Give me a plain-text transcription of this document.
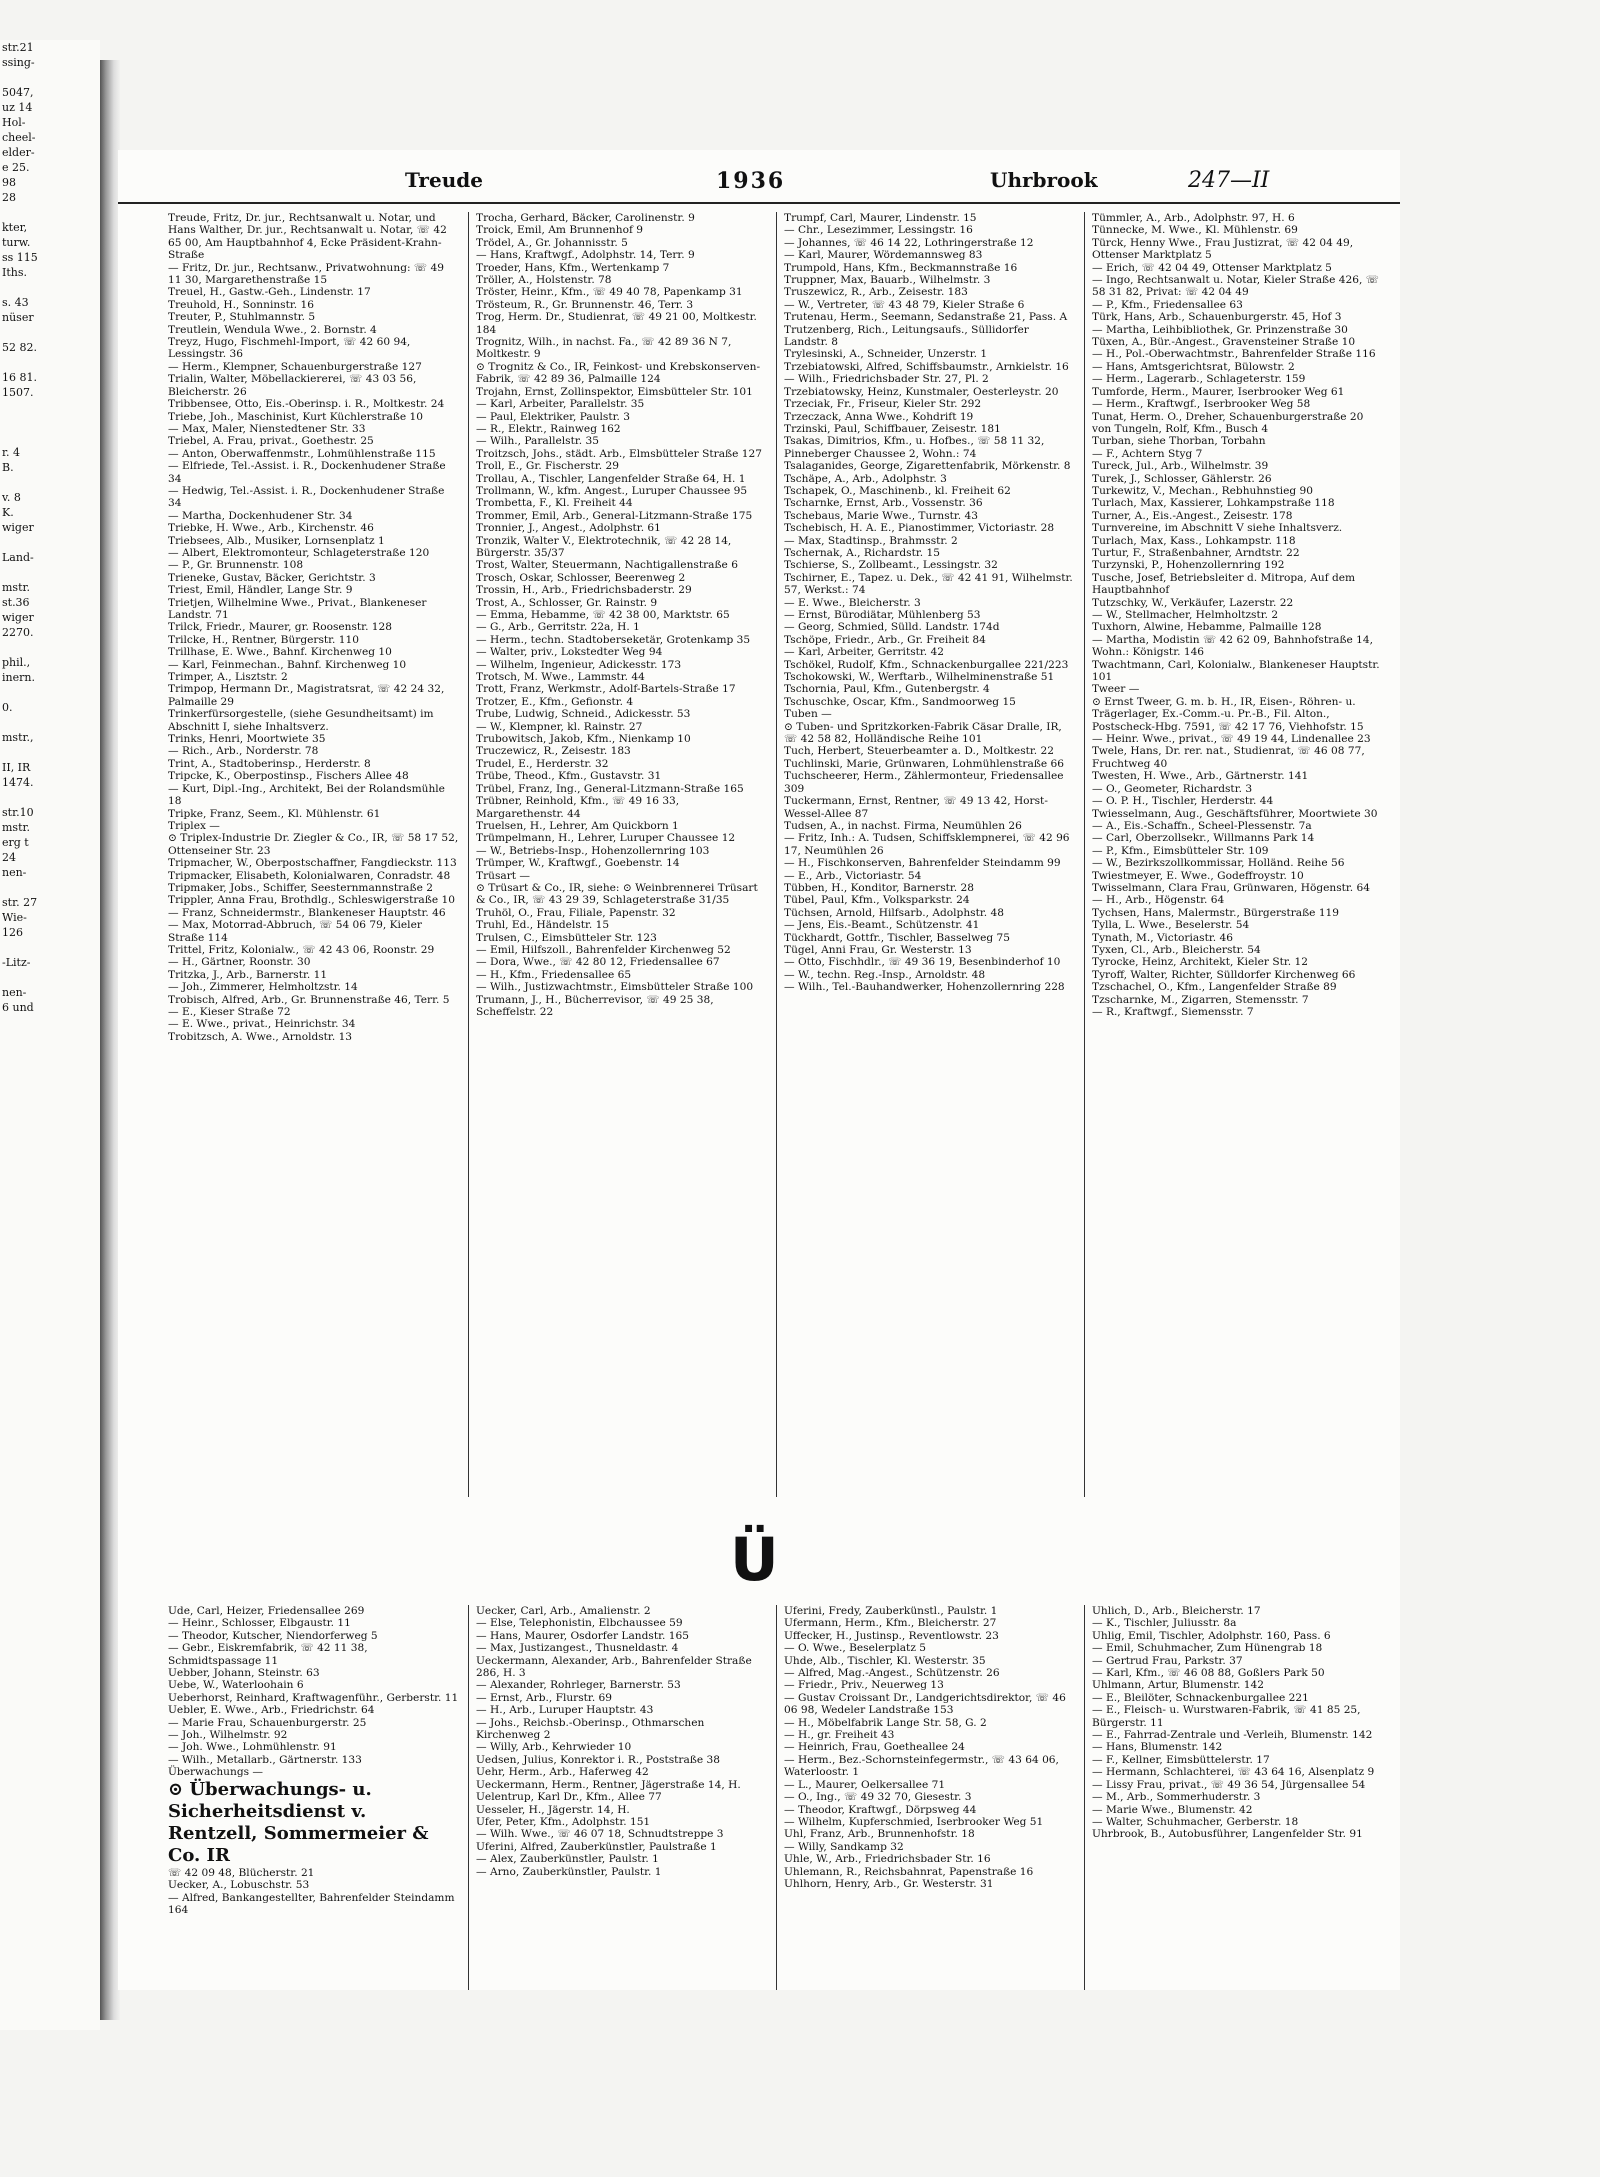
str.21
ssing-

5047,
uz 14
Hol-
cheel-
elder-
e 25.
98
28

kter,
turw.
ss 115
Iths.

s. 43
nüser

52 82.

16 81.
1507.

r. 4
B.

v. 8
K.
wiger

Land-

mstr.
st.36
wiger
2270.

phil.,
inern.

0.

mstr.,

II, IR
1474.

str.10
mstr.
erg t
24
nen-

str. 27
Wie-
126

-Litz-

nen-
6 und
Treude	1936	Uhrbrook	247—II

Treude, Fritz, Dr. jur., Rechtsanwalt u. Notar, und Hans Walther, Dr. jur., Rechtsanwalt u. Notar, ☏ 42 65 00, Am Hauptbahnhof 4, Ecke Präsident-Krahn-Straße

— Fritz, Dr. jur., Rechtsanw., Privatwohnung: ☏ 49 11 30, Margarethenstraße 15

Treuel, H., Gastw.-Geh., Lindenstr. 17

Treuhold, H., Sonninstr. 16

Treuter, P., Stuhlmannstr. 5

Treutlein, Wendula Wwe., 2. Bornstr. 4

Treyz, Hugo, Fischmehl-Import, ☏ 42 60 94, Lessingstr. 36

— Herm., Klempner, Schauenburgerstraße 127

Trialin, Walter, Möbellackiererei, ☏ 43 03 56, Bleicherstr. 26

Tribbensee, Otto, Eis.-Oberinsp. i. R., Moltkestr. 24

Triebe, Joh., Maschinist, Kurt Küchlerstraße 10

— Max, Maler, Nienstedtener Str. 33

Triebel, A. Frau, privat., Goethestr. 25

— Anton, Oberwaffenmstr., Lohmühlenstraße 115

— Elfriede, Tel.-Assist. i. R., Dockenhudener Straße 34

— Hedwig, Tel.-Assist. i. R., Dockenhudener Straße 34

— Martha, Dockenhudener Str. 34

Triebke, H. Wwe., Arb., Kirchenstr. 46

Triebsees, Alb., Musiker, Lornsenplatz 1

— Albert, Elektromonteur, Schlageterstraße 120

— P., Gr. Brunnenstr. 108

Trieneke, Gustav, Bäcker, Gerichtstr. 3

Triest, Emil, Händler, Lange Str. 9

Trietjen, Wilhelmine Wwe., Privat., Blankeneser Landstr. 71

Trilck, Friedr., Maurer, gr. Roosenstr. 128

Trilcke, H., Rentner, Bürgerstr. 110

Trillhase, E. Wwe., Bahnf. Kirchenweg 10

— Karl, Feinmechan., Bahnf. Kirchenweg 10

Trimper, A., Lisztstr. 2

Trimpop, Hermann Dr., Magistratsrat, ☏ 42 24 32, Palmaille 29

Trinkerfürsorgestelle, (siehe Gesundheitsamt) im Abschnitt I, siehe Inhaltsverz.

Trinks, Henri, Moortwiete 35

— Rich., Arb., Norderstr. 78

Trint, A., Stadtoberinsp., Herderstr. 8

Tripcke, K., Oberpostinsp., Fischers Allee 48

— Kurt, Dipl.-Ing., Architekt, Bei der Rolandsmühle 18

Tripke, Franz, Seem., Kl. Mühlenstr. 61

Triplex —

⊙ Triplex-Industrie Dr. Ziegler & Co., IR, ☏ 58 17 52, Ottenseiner Str. 23

Tripmacher, W., Oberpostschaffner, Fangdieckstr. 113

Tripmacker, Elisabeth, Kolonialwaren, Conradstr. 48

Tripmaker, Jobs., Schiffer, Seesternmannstraße 2

Trippler, Anna Frau, Brothdlg., Schleswigerstraße 10

— Franz, Schneidermstr., Blankeneser Hauptstr. 46

— Max, Motorrad-Abbruch, ☏ 54 06 79, Kieler Straße 114

Trittel, Fritz, Kolonialw., ☏ 42 43 06, Roonstr. 29

— H., Gärtner, Roonstr. 30

Tritzka, J., Arb., Barnerstr. 11

— Joh., Zimmerer, Helmholtzstr. 14

Trobisch, Alfred, Arb., Gr. Brunnenstraße 46, Terr. 5

— E., Kieser Straße 72

— E. Wwe., privat., Heinrichstr. 34

Trobitzsch, A. Wwe., Arnoldstr. 13

Trocha, Gerhard, Bäcker, Carolinenstr. 9

Troick, Emil, Am Brunnenhof 9

Trödel, A., Gr. Johannisstr. 5

— Hans, Kraftwgf., Adolphstr. 14, Terr. 9

Troeder, Hans, Kfm., Wertenkamp 7

Tröller, A., Holstenstr. 78

Tröster, Heinr., Kfm., ☏ 49 40 78, Papenkamp 31

Trösteum, R., Gr. Brunnenstr. 46, Terr. 3

Trog, Herm. Dr., Studienrat, ☏ 49 21 00, Moltkestr. 184

Trognitz, Wilh., in nachst. Fa., ☏ 42 89 36 N 7, Moltkestr. 9

⊙ Trognitz & Co., IR, Feinkost- und Krebskonserven-Fabrik, ☏ 42 89 36, Palmaille 124

Trojahn, Ernst, Zollinspektor, Eimsbütteler Str. 101

— Karl, Arbeiter, Parallelstr. 35

— Paul, Elektriker, Paulstr. 3

— R., Elektr., Rainweg 162

— Wilh., Parallelstr. 35

Troitzsch, Johs., städt. Arb., Elmsbütteler Straße 127

Troll, E., Gr. Fischerstr. 29

Trollau, A., Tischler, Langenfelder Straße 64, H. 1

Trollmann, W., kfm. Angest., Luruper Chaussee 95

Trombetta, F., Kl. Freiheit 44

Trommer, Emil, Arb., General-Litzmann-Straße 175

Tronnier, J., Angest., Adolphstr. 61

Tronzik, Walter V., Elektrotechnik, ☏ 42 28 14, Bürgerstr. 35/37

Trost, Walter, Steuermann, Nachtigallenstraße 6

Trosch, Oskar, Schlosser, Beerenweg 2

Trossin, H., Arb., Friedrichsbaderstr. 29

Trost, A., Schlosser, Gr. Rainstr. 9

— Emma, Hebamme, ☏ 42 38 00, Marktstr. 65

— G., Arb., Gerritstr. 22a, H. 1

— Herm., techn. Stadtoberseketär, Grotenkamp 35

— Walter, priv., Lokstedter Weg 94

— Wilhelm, Ingenieur, Adickesstr. 173

Trotsch, M. Wwe., Lammstr. 44

Trott, Franz, Werkmstr., Adolf-Bartels-Straße 17

Trotzer, E., Kfm., Gefionstr. 4

Trube, Ludwig, Schneid., Adickesstr. 53

— W., Klempner, kl. Rainstr. 27

Trubowitsch, Jakob, Kfm., Nienkamp 10

Truczewicz, R., Zeisestr. 183

Trudel, E., Herderstr. 32

Trübe, Theod., Kfm., Gustavstr. 31

Trübel, Franz, Ing., General-Litzmann-Straße 165

Trübner, Reinhold, Kfm., ☏ 49 16 33, Margarethenstr. 44

Truelsen, H., Lehrer, Am Quickborn 1

Trümpelmann, H., Lehrer, Luruper Chaussee 12

— W., Betriebs-Insp., Hohenzollernring 103

Trümper, W., Kraftwgf., Goebenstr. 14

Trüsart —

⊙ Trüsart & Co., IR, siehe: ⊙ Weinbrennerei Trüsart & Co., IR, ☏ 43 29 39, Schlageterstraße 31/35

Truhöl, O., Frau, Filiale, Papenstr. 32

Truhl, Ed., Händelstr. 15

Trulsen, C., Eimsbütteler Str. 123

— Emil, Hilfszoll., Bahrenfelder Kirchenweg 52

— Dora, Wwe., ☏ 42 80 12, Friedensallee 67

— H., Kfm., Friedensallee 65

— Wilh., Justizwachtmstr., Eimsbütteler Straße 100

Trumann, J., H., Bücherrevisor, ☏ 49 25 38, Scheffelstr. 22

Trumpf, Carl, Maurer, Lindenstr. 15

— Chr., Lesezimmer, Lessingstr. 16

— Johannes, ☏ 46 14 22, Lothringerstraße 12

— Karl, Maurer, Wördemannsweg 83

Trumpold, Hans, Kfm., Beckmannstraße 16

Truppner, Max, Bauarb., Wilhelmstr. 3

Truszewicz, R., Arb., Zeisestr. 183

— W., Vertreter, ☏ 43 48 79, Kieler Straße 6

Trutenau, Herm., Seemann, Sedanstraße 21, Pass. A

Trutzenberg, Rich., Leitungsaufs., Süllidorfer Landstr. 8

Trylesinski, A., Schneider, Unzerstr. 1

Trzebiatowski, Alfred, Schiffsbaumstr., Arnkielstr. 16

— Wilh., Friedrichsbader Str. 27, Pl. 2

Trzebiatowsky, Heinz, Kunstmaler, Oesterleystr. 20

Trzeciak, Fr., Friseur, Kieler Str. 292

Trzeczack, Anna Wwe., Kohdrift 19

Trzinski, Paul, Schiffbauer, Zeisestr. 181

Tsakas, Dimitrios, Kfm., u. Hofbes., ☏ 58 11 32, Pinneberger Chaussee 2, Wohn.: 74

Tsalaganides, George, Zigarettenfabrik, Mörkenstr. 8

Tschäpe, A., Arb., Adolphstr. 3

Tschapek, O., Maschinenb., kl. Freiheit 62

Tscharnke, Ernst, Arb., Vossenstr. 36

Tschebaus, Marie Wwe., Turnstr. 43

Tschebisch, H. A. E., Pianostimmer, Victoriastr. 28

— Max, Stadtinsp., Brahmsstr. 2

Tschernak, A., Richardstr. 15

Tschierse, S., Zollbeamt., Lessingstr. 32

Tschirner, E., Tapez. u. Dek., ☏ 42 41 91, Wilhelmstr. 57, Werkst.: 74

— E. Wwe., Bleicherstr. 3

— Ernst, Bürodiätar, Mühlenberg 53

— Georg, Schmied, Sülld. Landstr. 174d

Tschöpe, Friedr., Arb., Gr. Freiheit 84

— Karl, Arbeiter, Gerritstr. 42

Tschökel, Rudolf, Kfm., Schnackenburgallee 221/223

Tschokowski, W., Werftarb., Wilhelminenstraße 51

Tschornia, Paul, Kfm., Gutenbergstr. 4

Tschuschke, Oscar, Kfm., Sandmoorweg 15

Tuben —

⊙ Tuben- und Spritzkorken-Fabrik Cäsar Dralle, IR, ☏ 42 58 82, Holländische Reihe 101

Tuch, Herbert, Steuerbeamter a. D., Moltkestr. 22

Tuchlinski, Marie, Grünwaren, Lohmühlenstraße 66

Tuchscheerer, Herm., Zählermonteur, Friedensallee 309

Tuckermann, Ernst, Rentner, ☏ 49 13 42, Horst-Wessel-Allee 87

Tudsen, A., in nachst. Firma, Neumühlen 26

— Fritz, Inh.: A. Tudsen, Schiffsklempnerei, ☏ 42 96 17, Neumühlen 26

— H., Fischkonserven, Bahrenfelder Steindamm 99

— E., Arb., Victoriastr. 54

Tübben, H., Konditor, Barnerstr. 28

Tübel, Paul, Kfm., Volksparkstr. 24

Tüchsen, Arnold, Hilfsarb., Adolphstr. 48

— Jens, Eis.-Beamt., Schützenstr. 41

Tückhardt, Gottfr., Tischler, Basselweg 75

Tügel, Anni Frau, Gr. Westerstr. 13

— Otto, Fischhdlr., ☏ 49 36 19, Besenbinderhof 10

— W., techn. Reg.-Insp., Arnoldstr. 48

— Wilh., Tel.-Bauhandwerker, Hohenzollernring 228

Tümmler, A., Arb., Adolphstr. 97, H. 6

Tünnecke, M. Wwe., Kl. Mühlenstr. 69

Türck, Henny Wwe., Frau Justizrat, ☏ 42 04 49, Ottenser Marktplatz 5

— Erich, ☏ 42 04 49, Ottenser Marktplatz 5

— Ingo, Rechtsanwalt u. Notar, Kieler Straße 426, ☏ 58 31 82, Privat: ☏ 42 04 49

— P., Kfm., Friedensallee 63

Türk, Hans, Arb., Schauenburgerstr. 45, Hof 3

— Martha, Leihbibliothek, Gr. Prinzenstraße 30

Tüxen, A., Bür.-Angest., Gravensteiner Straße 10

— H., Pol.-Oberwachtmstr., Bahrenfelder Straße 116

— Hans, Amtsgerichtsrat, Bülowstr. 2

— Herm., Lagerarb., Schlageterstr. 159

Tumforde, Herm., Maurer, Iserbrooker Weg 61

— Herm., Kraftwgf., Iserbrooker Weg 58

Tunat, Herm. O., Dreher, Schauenburgerstraße 20

von Tungeln, Rolf, Kfm., Busch 4

Turban, siehe Thorban, Torbahn

— F., Achtern Styg 7

Tureck, Jul., Arb., Wilhelmstr. 39

Turek, J., Schlosser, Gählerstr. 26

Turkewitz, V., Mechan., Rebhuhnstieg 90

Turlach, Max, Kassierer, Lohkampstraße 118

Turner, A., Eis.-Angest., Zeisestr. 178

Turnvereine, im Abschnitt V siehe Inhaltsverz.

Turlach, Max, Kass., Lohkampstr. 118

Turtur, F., Straßenbahner, Arndtstr. 22

Turzynski, P., Hohenzollernring 192

Tusche, Josef, Betriebsleiter d. Mitropa, Auf dem Hauptbahnhof

Tutzschky, W., Verkäufer, Lazerstr. 22

— W., Stellmacher, Helmholtzstr. 2

Tuxhorn, Alwine, Hebamme, Palmaille 128

— Martha, Modistin ☏ 42 62 09, Bahnhofstraße 14, Wohn.: Königstr. 146

Twachtmann, Carl, Kolonialw., Blankeneser Hauptstr. 101

Tweer —

⊙ Ernst Tweer, G. m. b. H., IR, Eisen-, Röhren- u. Trägerlager, Ex.-Comm.-u. Pr.-B., Fil. Alton., Postscheck-Hbg. 7591, ☏ 42 17 76, Viehhofstr. 15

— Heinr. Wwe., privat., ☏ 49 19 44, Lindenallee 23

Twele, Hans, Dr. rer. nat., Studienrat, ☏ 46 08 77, Fruchtweg 40

Twesten, H. Wwe., Arb., Gärtnerstr. 141

— O., Geometer, Richardstr. 3

— O. P. H., Tischler, Herderstr. 44

Twiesselmann, Aug., Geschäftsführer, Moortwiete 30

— A., Eis.-Schaffn., Scheel-Plessenstr. 7a

— Carl, Oberzollsekr., Willmanns Park 14

— P., Kfm., Eimsbütteler Str. 109

— W., Bezirkszollkommissar, Holländ. Reihe 56

Twiestmeyer, E. Wwe., Godeffroystr. 10

Twisselmann, Clara Frau, Grünwaren, Högenstr. 64

— H., Arb., Högenstr. 64

Tychsen, Hans, Malermstr., Bürgerstraße 119

Tylla, L. Wwe., Beselerstr. 54

Tynath, M., Victoriastr. 46

Tyxen, Cl., Arb., Bleicherstr. 54

Tyrocke, Heinz, Architekt, Kieler Str. 12

Tyroff, Walter, Richter, Sülldorfer Kirchenweg 66

Tzschachel, O., Kfm., Langenfelder Straße 89

Tzscharnke, M., Zigarren, Stemensstr. 7

— R., Kraftwgf., Siemensstr. 7

Ü

Ude, Carl, Heizer, Friedensallee 269

— Heinr., Schlosser, Elbgaustr. 11

— Theodor, Kutscher, Niendorferweg 5

— Gebr., Eiskremfabrik, ☏ 42 11 38, Schmidtspassage 11

Uebber, Johann, Steinstr. 63

Uebe, W., Waterloohain 6

Ueberhorst, Reinhard, Kraftwagenführ., Gerberstr. 11

Uebler, E. Wwe., Arb., Friedrichstr. 64

— Marie Frau, Schauenburgerstr. 25

— Joh., Wilhelmstr. 92

— Joh. Wwe., Lohmühlenstr. 91

— Wilh., Metallarb., Gärtnerstr. 133

Überwachungs —

⊙ Überwachungs- u. Sicherheitsdienst v. Rentzell, Sommermeier & Co. IR

☏ 42 09 48, Blücherstr. 21

Uecker, A., Lobuschstr. 53

— Alfred, Bankangestellter, Bahrenfelder Steindamm 164

Uecker, Carl, Arb., Amalienstr. 2

— Else, Telephonistin, Elbchaussee 59

— Hans, Maurer, Osdorfer Landstr. 165

— Max, Justizangest., Thusneldastr. 4

Ueckermann, Alexander, Arb., Bahrenfelder Straße 286, H. 3

— Alexander, Rohrleger, Barnerstr. 53

— Ernst, Arb., Flurstr. 69

— H., Arb., Luruper Hauptstr. 43

— Johs., Reichsb.-Oberinsp., Othmarschen Kirchenweg 2

— Willy, Arb., Kehrwieder 10

Uedsen, Julius, Konrektor i. R., Poststraße 38

Uehr, Herm., Arb., Haferweg 42

Ueckermann, Herm., Rentner, Jägerstraße 14, H.

Uelentrup, Karl Dr., Kfm., Allee 77

Uesseler, H., Jägerstr. 14, H.

Ufer, Peter, Kfm., Adolphstr. 151

— Wilh. Wwe., ☏ 46 07 18, Schnudtstreppe 3

Uferini, Alfred, Zauberkünstler, Paulstraße 1

— Alex, Zauberkünstler, Paulstr. 1

— Arno, Zauberkünstler, Paulstr. 1

Uferini, Fredy, Zauberkünstl., Paulstr. 1

Ufermann, Herm., Kfm., Bleicherstr. 27

Uffecker, H., Justinsp., Reventlowstr. 23

— O. Wwe., Beselerplatz 5

Uhde, Alb., Tischler, Kl. Westerstr. 35

— Alfred, Mag.-Angest., Schützenstr. 26

— Friedr., Priv., Neuerweg 13

— Gustav Croissant Dr., Landgerichtsdirektor, ☏ 46 06 98, Wedeler Landstraße 153

— H., Möbelfabrik Lange Str. 58, G. 2

— H., gr. Freiheit 43

— Heinrich, Frau, Goetheallee 24

— Herm., Bez.-Schornsteinfegermstr., ☏ 43 64 06, Waterloostr. 1

— L., Maurer, Oelkersallee 71

— O., Ing., ☏ 49 32 70, Giesestr. 3

— Theodor, Kraftwgf., Dörpsweg 44

— Wilhelm, Kupferschmied, Iserbrooker Weg 51

Uhl, Franz, Arb., Brunnenhofstr. 18

— Willy, Sandkamp 32

Uhle, W., Arb., Friedrichsbader Str. 16

Uhlemann, R., Reichsbahnrat, Papenstraße 16

Uhlhorn, Henry, Arb., Gr. Westerstr. 31

Uhlich, D., Arb., Bleicherstr. 17

— K., Tischler, Juliusstr. 8a

Uhlig, Emil, Tischler, Adolphstr. 160, Pass. 6

— Emil, Schuhmacher, Zum Hünengrab 18

— Gertrud Frau, Parkstr. 37

— Karl, Kfm., ☏ 46 08 88, Goßlers Park 50

Uhlmann, Artur, Blumenstr. 142

— E., Bleilöter, Schnackenburgallee 221

— E., Fleisch- u. Wurstwaren-Fabrik, ☏ 41 85 25, Bürgerstr. 11

— E., Fahrrad-Zentrale und -Verleih, Blumenstr. 142

— Hans, Blumenstr. 142

— F., Kellner, Eimsbüttelerstr. 17

— Hermann, Schlachterei, ☏ 43 64 16, Alsenplatz 9

— Lissy Frau, privat., ☏ 49 36 54, Jürgensallee 54

— M., Arb., Sommerhuderstr. 3

— Marie Wwe., Blumenstr. 42

— Walter, Schuhmacher, Gerberstr. 18

Uhrbrook, B., Autobusführer, Langenfelder Str. 91
